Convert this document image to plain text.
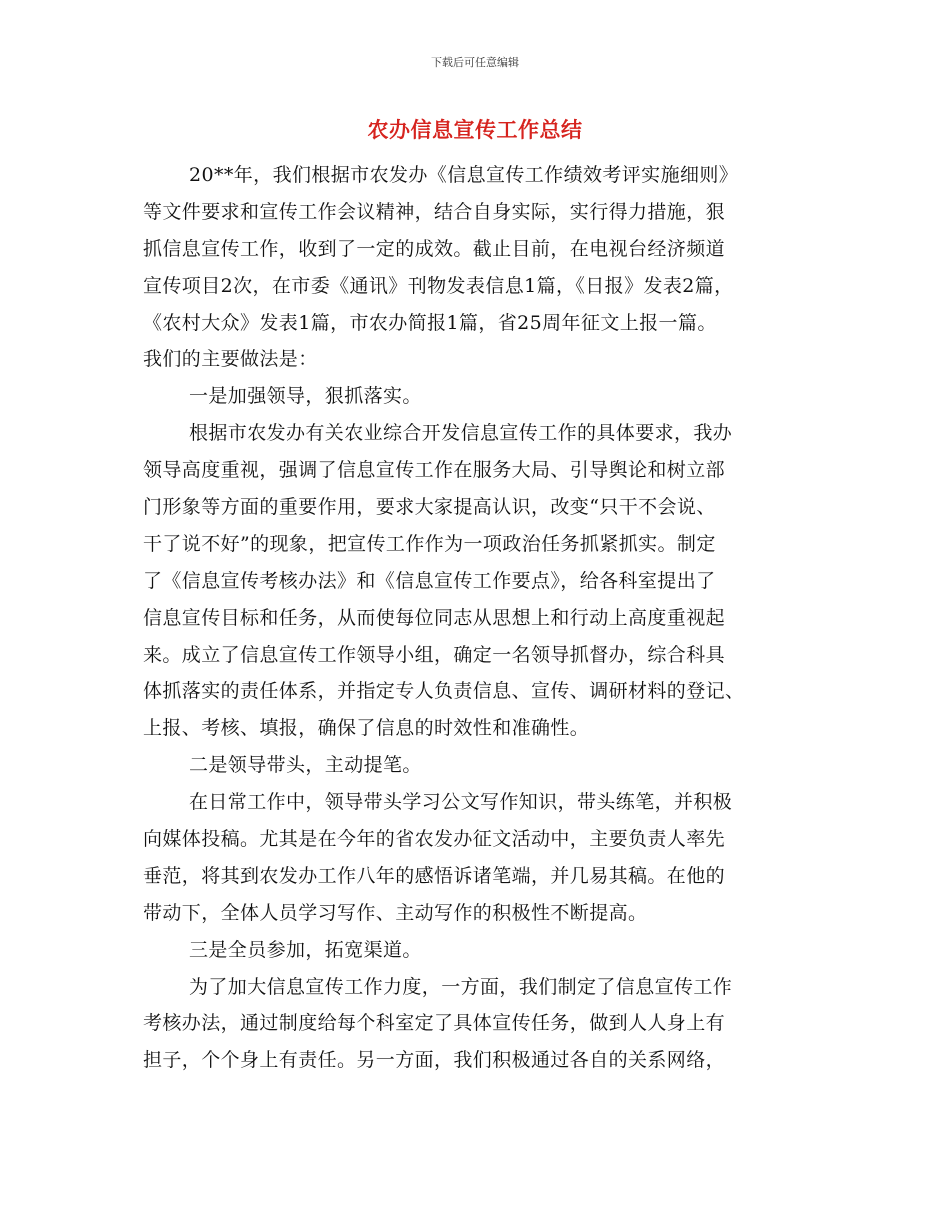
下载后可任意编辑
农办信息宣传工作总结
20**年，我们根据市农发办《信息宣传工作绩效考评实施细则》
等文件要求和宣传工作会议精神，结合自身实际，实行得力措施，狠
抓信息宣传工作，收到了一定的成效。截止目前，在电视台经济频道
宣传项目2次，在市委《通讯》刊物发表信息1篇，《日报》发表2篇，
《农村大众》发表1篇，市农办简报1篇，省25周年征文上报一篇。
我们的主要做法是：
一是加强领导，狠抓落实。
根据市农发办有关农业综合开发信息宣传工作的具体要求，我办
领导高度重视，强调了信息宣传工作在服务大局、引导舆论和树立部
门形象等方面的重要作用，要求大家提高认识，改变“只干不会说、
干了说不好”的现象，把宣传工作作为一项政治任务抓紧抓实。制定
了《信息宣传考核办法》和《信息宣传工作要点》，给各科室提出了
信息宣传目标和任务，从而使每位同志从思想上和行动上高度重视起
来。成立了信息宣传工作领导小组，确定一名领导抓督办，综合科具
体抓落实的责任体系，并指定专人负责信息、宣传、调研材料的登记、
上报、考核、填报，确保了信息的时效性和准确性。
二是领导带头，主动提笔。
在日常工作中，领导带头学习公文写作知识，带头练笔，并积极
向媒体投稿。尤其是在今年的省农发办征文活动中，主要负责人率先
垂范，将其到农发办工作八年的感悟诉诸笔端，并几易其稿。在他的
带动下，全体人员学习写作、主动写作的积极性不断提高。
三是全员参加，拓宽渠道。
为了加大信息宣传工作力度，一方面，我们制定了信息宣传工作
考核办法，通过制度给每个科室定了具体宣传任务，做到人人身上有
担子，个个身上有责任。另一方面，我们积极通过各自的关系网络，
